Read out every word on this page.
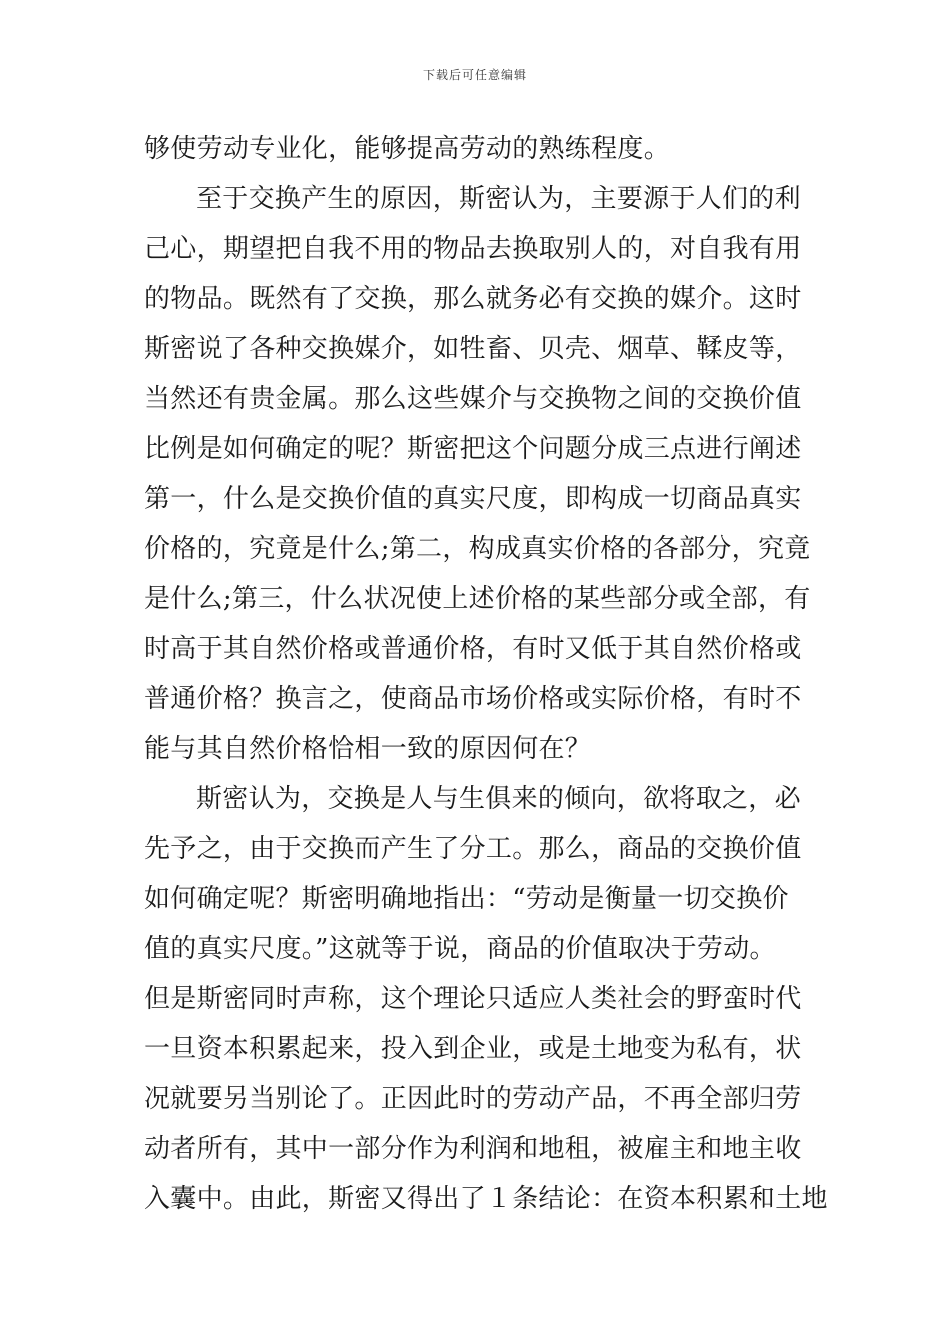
下载后可任意编辑
够使劳动专业化，能够提高劳动的熟练程度。
至于交换产生的原因，斯密认为，主要源于人们的利
己心，期望把自我不用的物品去换取别人的，对自我有用
的物品。既然有了交换，那么就务必有交换的媒介。这时
斯密说了各种交换媒介，如牲畜、贝壳、烟草、鞣皮等，
当然还有贵金属。那么这些媒介与交换物之间的交换价值
比例是如何确定的呢？斯密把这个问题分成三点进行阐述
第一，什么是交换价值的真实尺度，即构成一切商品真实
价格的，究竟是什么;第二，构成真实价格的各部分，究竟
是什么;第三，什么状况使上述价格的某些部分或全部，有
时高于其自然价格或普通价格，有时又低于其自然价格或
普通价格？换言之，使商品市场价格或实际价格，有时不
能与其自然价格恰相一致的原因何在？
斯密认为，交换是人与生俱来的倾向，欲将取之，必
先予之，由于交换而产生了分工。那么，商品的交换价值
如何确定呢？斯密明确地指出：“劳动是衡量一切交换价
值的真实尺度。”这就等于说，商品的价值取决于劳动。
但是斯密同时声称，这个理论只适应人类社会的野蛮时代
一旦资本积累起来，投入到企业，或是土地变为私有，状
况就要另当别论了。正因此时的劳动产品，不再全部归劳
动者所有，其中一部分作为利润和地租，被雇主和地主收
入囊中。由此，斯密又得出了１条结论：在资本积累和土地
